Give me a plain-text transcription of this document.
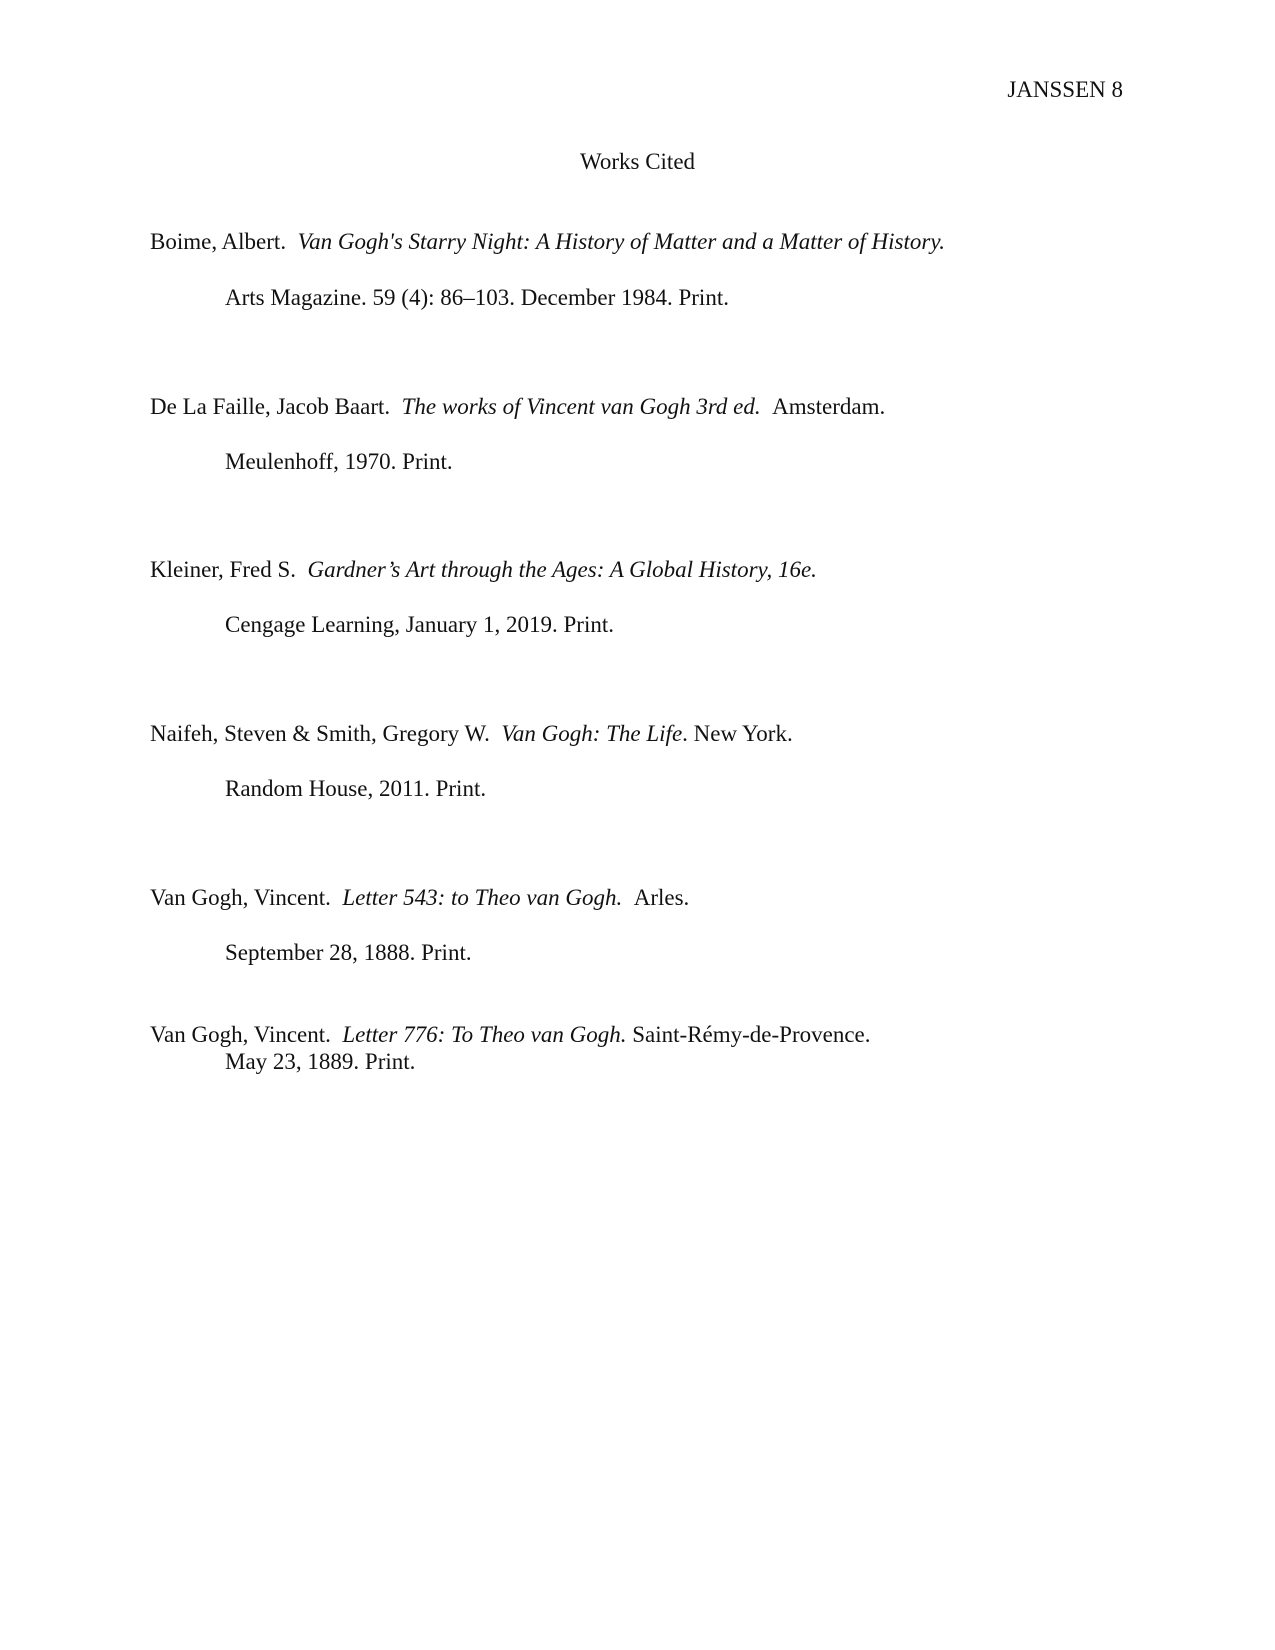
JANSSEN 8
Works Cited
Boime, Albert. Van Gogh's Starry Night: A History of Matter and a Matter of History.
Arts Magazine. 59 (4): 86–103. December 1984. Print.
De La Faille, Jacob Baart. The works of Vincent van Gogh 3rd ed. Amsterdam.
Meulenhoff, 1970. Print.
Kleiner, Fred S. Gardner’s Art through the Ages: A Global History, 16e.
Cengage Learning, January 1, 2019. Print.
Naifeh, Steven & Smith, Gregory W. Van Gogh: The Life. New York.
Random House, 2011. Print.
Van Gogh, Vincent. Letter 543: to Theo van Gogh. Arles.
September 28, 1888. Print.
Van Gogh, Vincent. Letter 776: To Theo van Gogh. Saint-Rémy-de-Provence.
May 23, 1889. Print.
